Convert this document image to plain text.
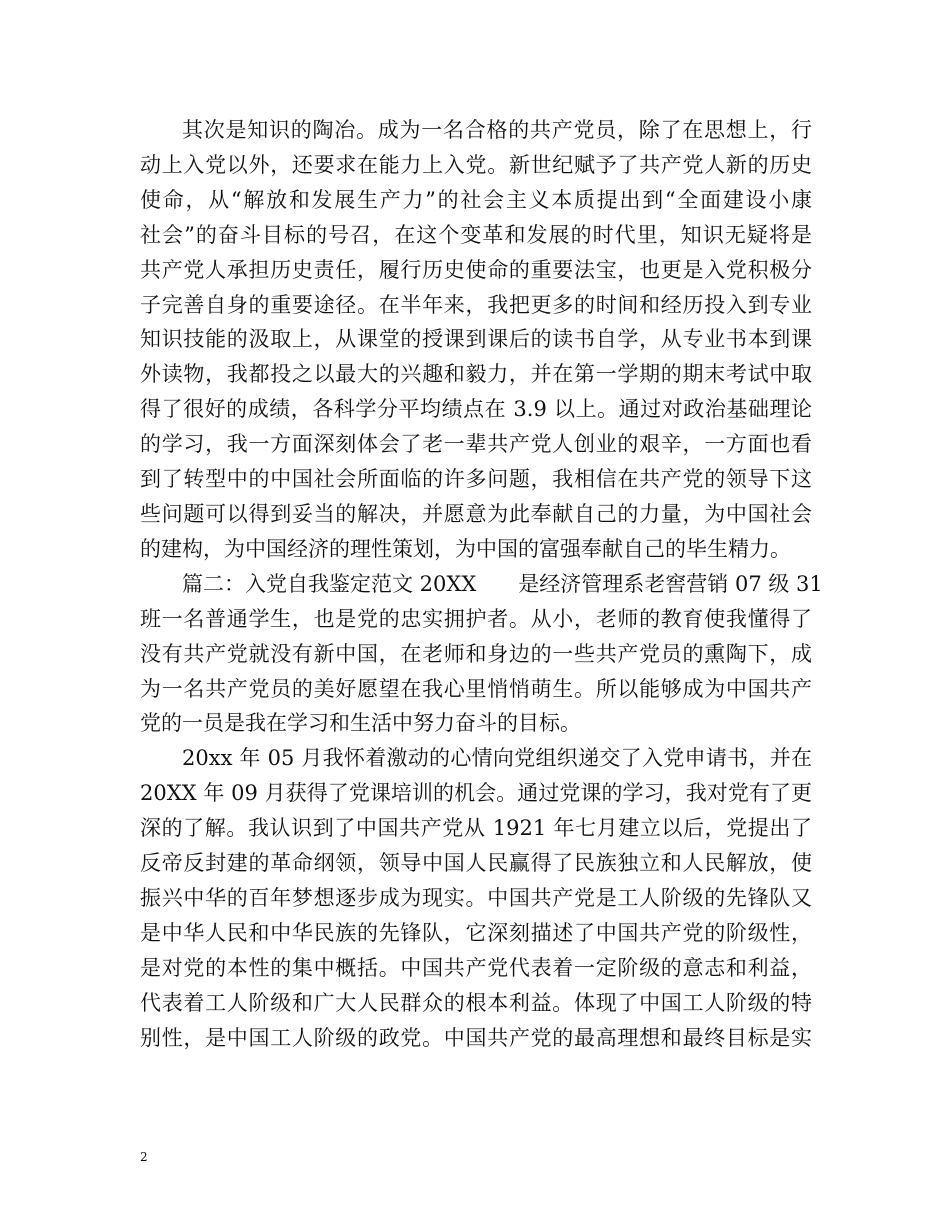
其次是知识的陶冶。成为一名合格的共产党员，除了在思想上，行
动上入党以外，还要求在能力上入党。新世纪赋予了共产党人新的历史
使命，从“解放和发展生产力”的社会主义本质提出到“全面建设小康
社会”的奋斗目标的号召，在这个变革和发展的时代里，知识无疑将是
共产党人承担历史责任，履行历史使命的重要法宝，也更是入党积极分
子完善自身的重要途径。在半年来，我把更多的时间和经历投入到专业
知识技能的汲取上，从课堂的授课到课后的读书自学，从专业书本到课
外读物，我都投之以最大的兴趣和毅力，并在第一学期的期末考试中取
得了很好的成绩，各科学分平均绩点在 3.9 以上。通过对政治基础理论
的学习，我一方面深刻体会了老一辈共产党人创业的艰辛，一方面也看
到了转型中的中国社会所面临的许多问题，我相信在共产党的领导下这
些问题可以得到妥当的解决，并愿意为此奉献自己的力量，为中国社会
的建构，为中国经济的理性策划，为中国的富强奉献自己的毕生精力。

篇二：入党自我鉴定范文 20XX　　是经济管理系老窖营销 07 级 31
班一名普通学生，也是党的忠实拥护者。从小，老师的教育使我懂得了
没有共产党就没有新中国，在老师和身边的一些共产党员的熏陶下，成
为一名共产党员的美好愿望在我心里悄悄萌生。所以能够成为中国共产
党的一员是我在学习和生活中努力奋斗的目标。

20xx 年 05 月我怀着激动的心情向党组织递交了入党申请书，并在
20XX 年 09 月获得了党课培训的机会。通过党课的学习，我对党有了更
深的了解。我认识到了中国共产党从 1921 年七月建立以后，党提出了
反帝反封建的革命纲领，领导中国人民赢得了民族独立和人民解放，使
振兴中华的百年梦想逐步成为现实。中国共产党是工人阶级的先锋队又
是中华人民和中华民族的先锋队，它深刻描述了中国共产党的阶级性，
是对党的本性的集中概括。中国共产党代表着一定阶级的意志和利益，
代表着工人阶级和广大人民群众的根本利益。体现了中国工人阶级的特
别性，是中国工人阶级的政党。中国共产党的最高理想和最终目标是实

2
